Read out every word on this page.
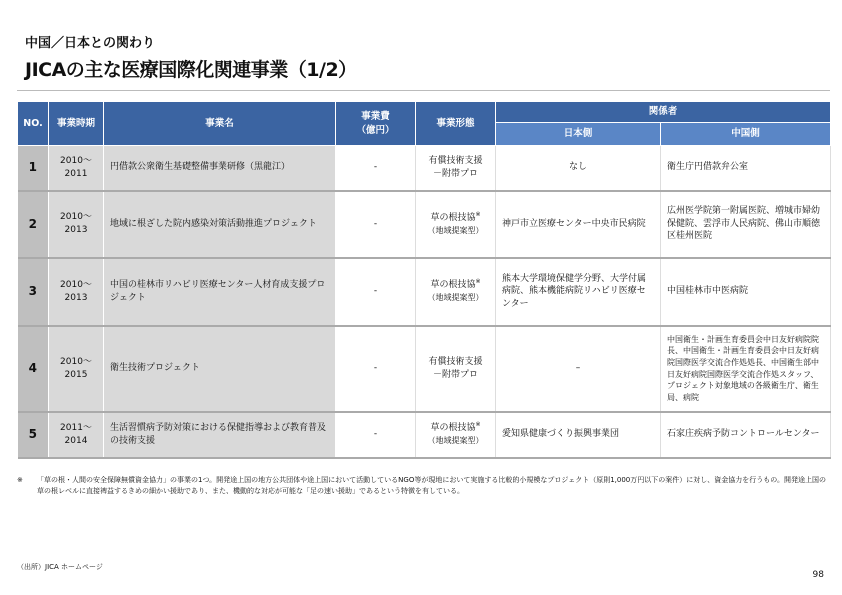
中国／日本との関わり
JICAの主な医療国際化関連事業（1/2）
NO.	事業時期	事業名	事業費
（億円）	事業形態	関係者	
					日本側	中国側
1	2010～
2011	円借款公衆衛生基礎整備事業研修（黒龍江）	-	有償技術支援
－附帯プロ	なし	衛生庁円借款弁公室
2	2010～
2013	地域に根ざした院内感染対策活動推進プロジェクト	-	草の根技協※
（地域提案型）	神戸市立医療センター中央市民病院	広州医学院第一附属医院、増城市婦幼保健院、雲浮市人民病院、佛山市順徳区桂州医院
3	2010～
2013	中国の桂林市リハビリ医療センター人材育成支援プロジェクト	-	草の根技協※
（地域提案型）	熊本大学環境保健学分野、大学付属病院、熊本機能病院リハビリ医療センター	中国桂林市中医病院
4	2010～
2015	衛生技術プロジェクト	-	有償技術支援
－附帯プロ	–	中国衛生・計画生育委員会中日友好病院院長、中国衛生・計画生育委員会中日友好病院国際医学交流合作処処長、中国衛生部中日友好病院国際医学交流合作処スタッフ、プロジェクト対象地域の各級衛生庁、衛生局、病院
5	2011～
2014	生活習慣病予防対策における保健指導および教育普及の技術支援	-	草の根技協※
（地域提案型）	愛知県健康づくり振興事業団	石家庄疾病予防コントロールセンター
※ 「草の根・人間の安全保障無償資金協力」の事業の1つ。開発途上国の地方公共団体や途上国において活動しているNGO等が現地において実施する比較的小規模なプロジェクト（原則1,000万円以下の案件）に対し、資金協力を行うもの。開発途上国の草の根レベルに直接裨益するきめの細かい援助であり、また、機動的な対応が可能な「足の速い援助」であるという特徴を有している。
（出所）JICA ホームページ
98
